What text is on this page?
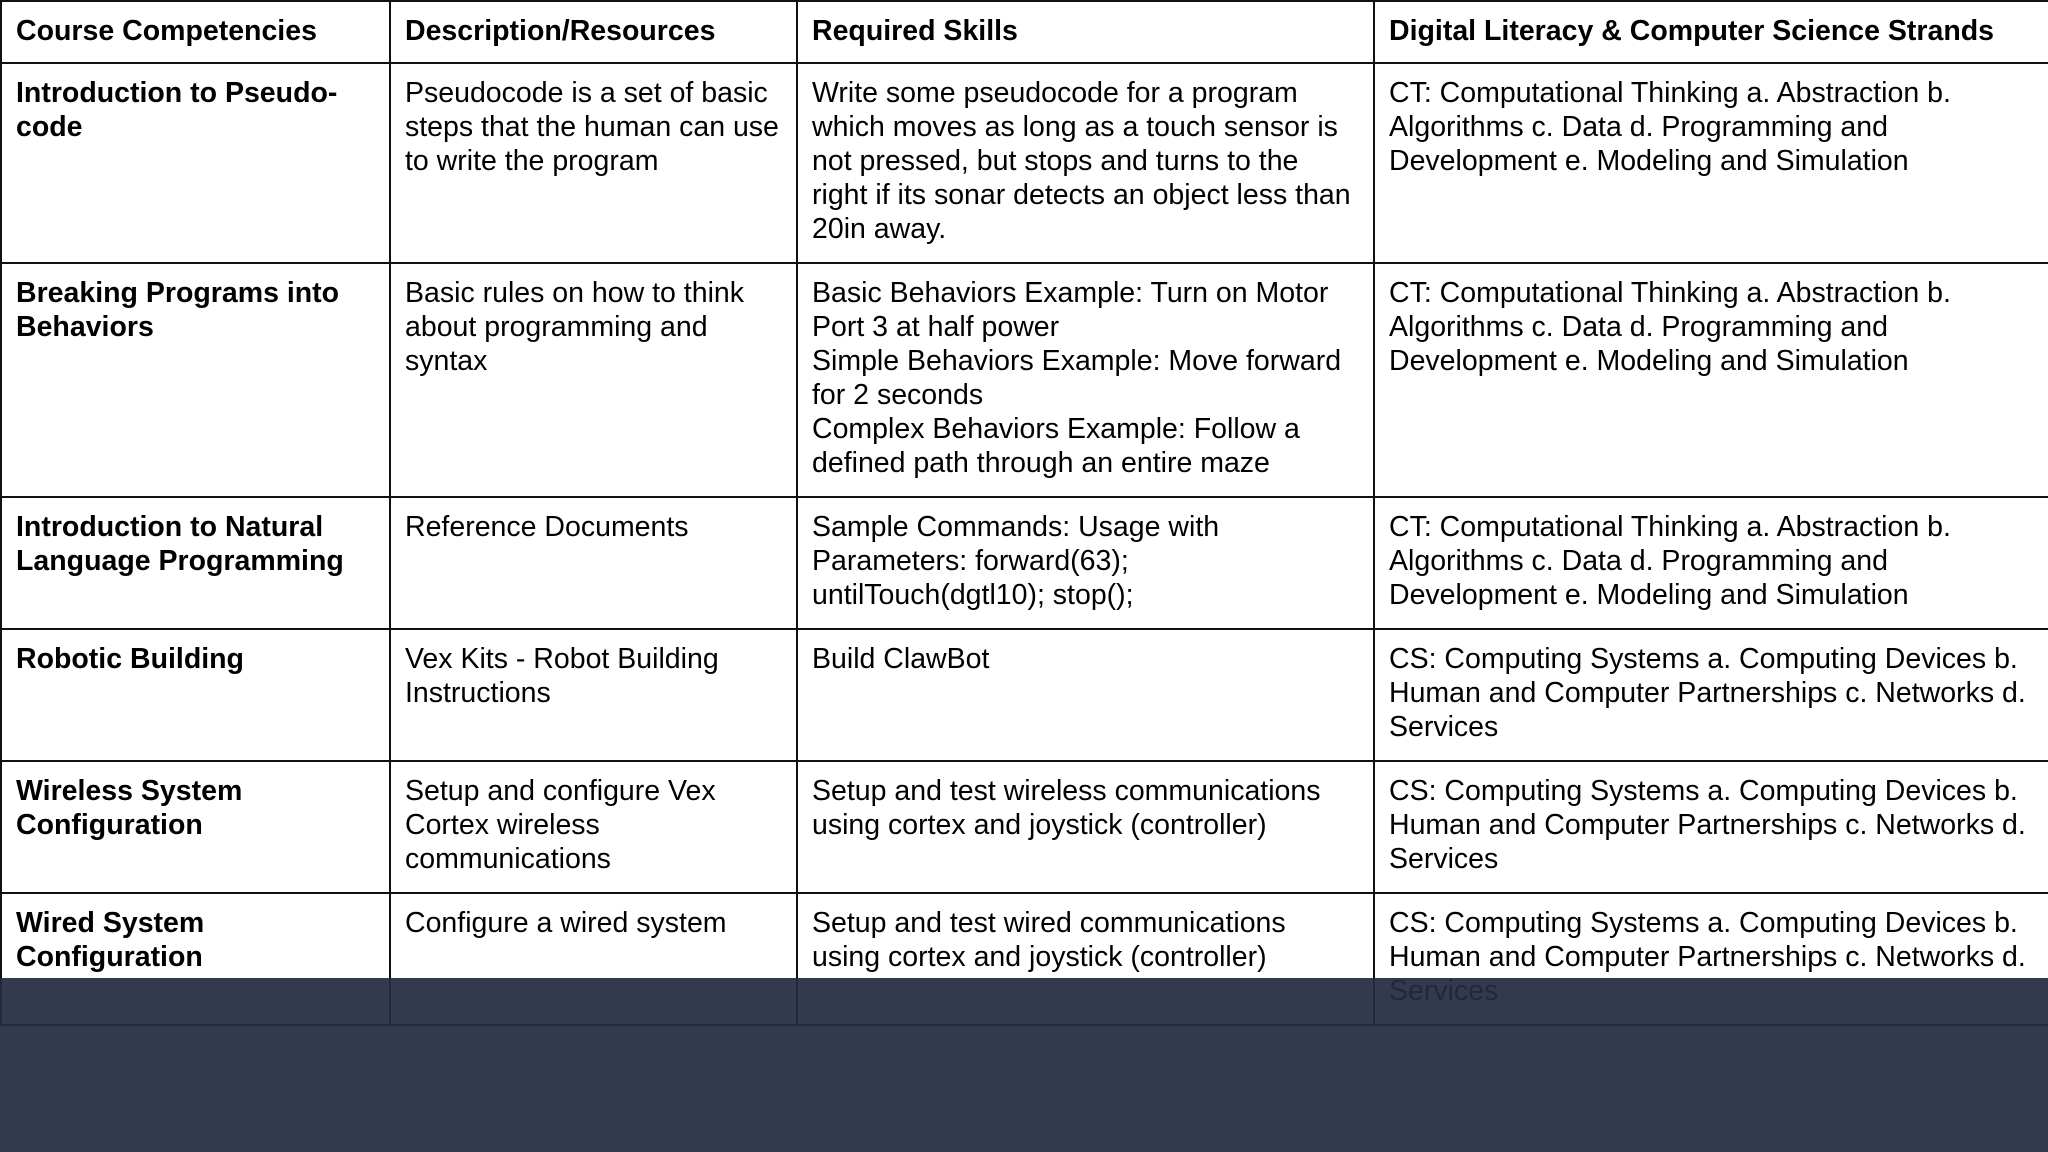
Course Competencies	Description/Resources	Required Skills	Digital Literacy & Computer Science Strands
Introduction to Pseudo-code	Pseudocode is a set of basic steps that the human can use to write the program	Write some pseudocode for a program which moves as long as a touch sensor is not pressed, but stops and turns to the right if its sonar detects an object less than 20in away.	CT: Computational Thinking a. Abstraction b. Algorithms c. Data d. Programming and Development e. Modeling and Simulation
Breaking Programs into Behaviors	Basic rules on how to think about programming and syntax	Basic Behaviors Example: Turn on Motor Port 3 at half power
Simple Behaviors Example: Move forward for 2 seconds
Complex Behaviors Example: Follow a defined path through an entire maze	CT: Computational Thinking a. Abstraction b. Algorithms c. Data d. Programming and Development e. Modeling and Simulation
Introduction to Natural Language Programming	Reference Documents	Sample Commands: Usage with Parameters: forward(63); untilTouch(dgtl10); stop();	CT: Computational Thinking a. Abstraction b. Algorithms c. Data d. Programming and Development e. Modeling and Simulation
Robotic Building	Vex Kits - Robot Building Instructions	Build ClawBot	CS: Computing Systems a. Computing Devices b. Human and Computer Partnerships c. Networks d. Services
Wireless System Configuration	Setup and configure Vex Cortex wireless communications	Setup and test wireless communications using cortex and joystick (controller)	CS: Computing Systems a. Computing Devices b. Human and Computer Partnerships c. Networks d. Services
Wired System Configuration	Configure a wired system	Setup and test wired communications using cortex and joystick (controller)	CS: Computing Systems a. Computing Devices b. Human and Computer Partnerships c. Networks d.
